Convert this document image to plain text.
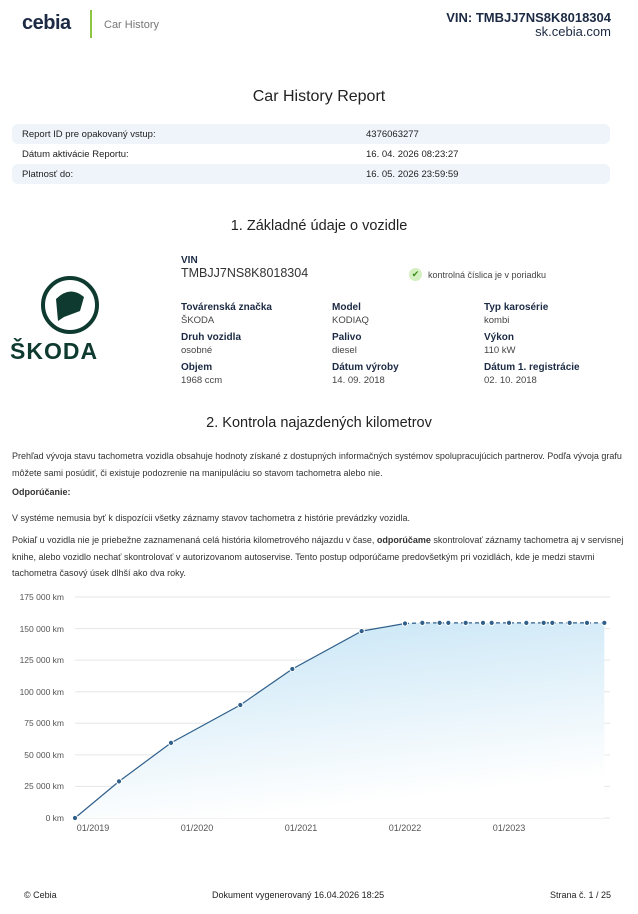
cebia	Car History	VIN: TMBJJ7NS8K8018304
sk.cebia.com
Car History Report
Report ID pre opakovaný vstup:	4376063277
Dátum aktivácie Reportu:	16. 04. 2026 08:23:27
Platnosť do:	16. 05. 2026 23:59:59
1. Základné údaje o vozidle
ŠKODA
VIN
TMBJJ7NS8K8018304	✔ kontrolná číslica je v poriadku
Továrenská značka
ŠKODA
Model
KODIAQ
Typ karosérie
kombi
Druh vozidla
osobné
Palivo
diesel
Výkon
110 kW
Objem
1968 ccm
Dátum výroby
14. 09. 2018
Dátum 1. registrácie
02. 10. 2018
2. Kontrola najazdených kilometrov
Prehľad vývoja stavu tachometra vozidla obsahuje hodnoty získané z dostupných informačných systémov spolupracujúcich partnerov. Podľa vývoja grafu môžete sami posúdiť, či existuje podozrenie na manipuláciu so stavom tachometra alebo nie.
Odporúčanie:
V systéme nemusia byť k dispozícii všetky záznamy stavov tachometra z histórie prevádzky vozidla.
Pokiaľ u vozidla nie je priebežne zaznamenaná celá história kilometrového nájazdu v čase, odporúčame skontrolovať záznamy tachometra aj v servisnej knihe, alebo vozidlo nechať skontrolovať v autorizovanom autoservise. Tento postup odporúčame predovšetkým pri vozidlách, kde je medzi stavmi tachometra časový úsek dlhší ako dva roky.
0 km
25 000 km
50 000 km
75 000 km
100 000 km
125 000 km
150 000 km
175 000 km
01/2019	01/2020	01/2021	01/2022	01/2023
© Cebia	Dokument vygenerovaný 16.04.2026 18:25	Strana č. 1 / 25
